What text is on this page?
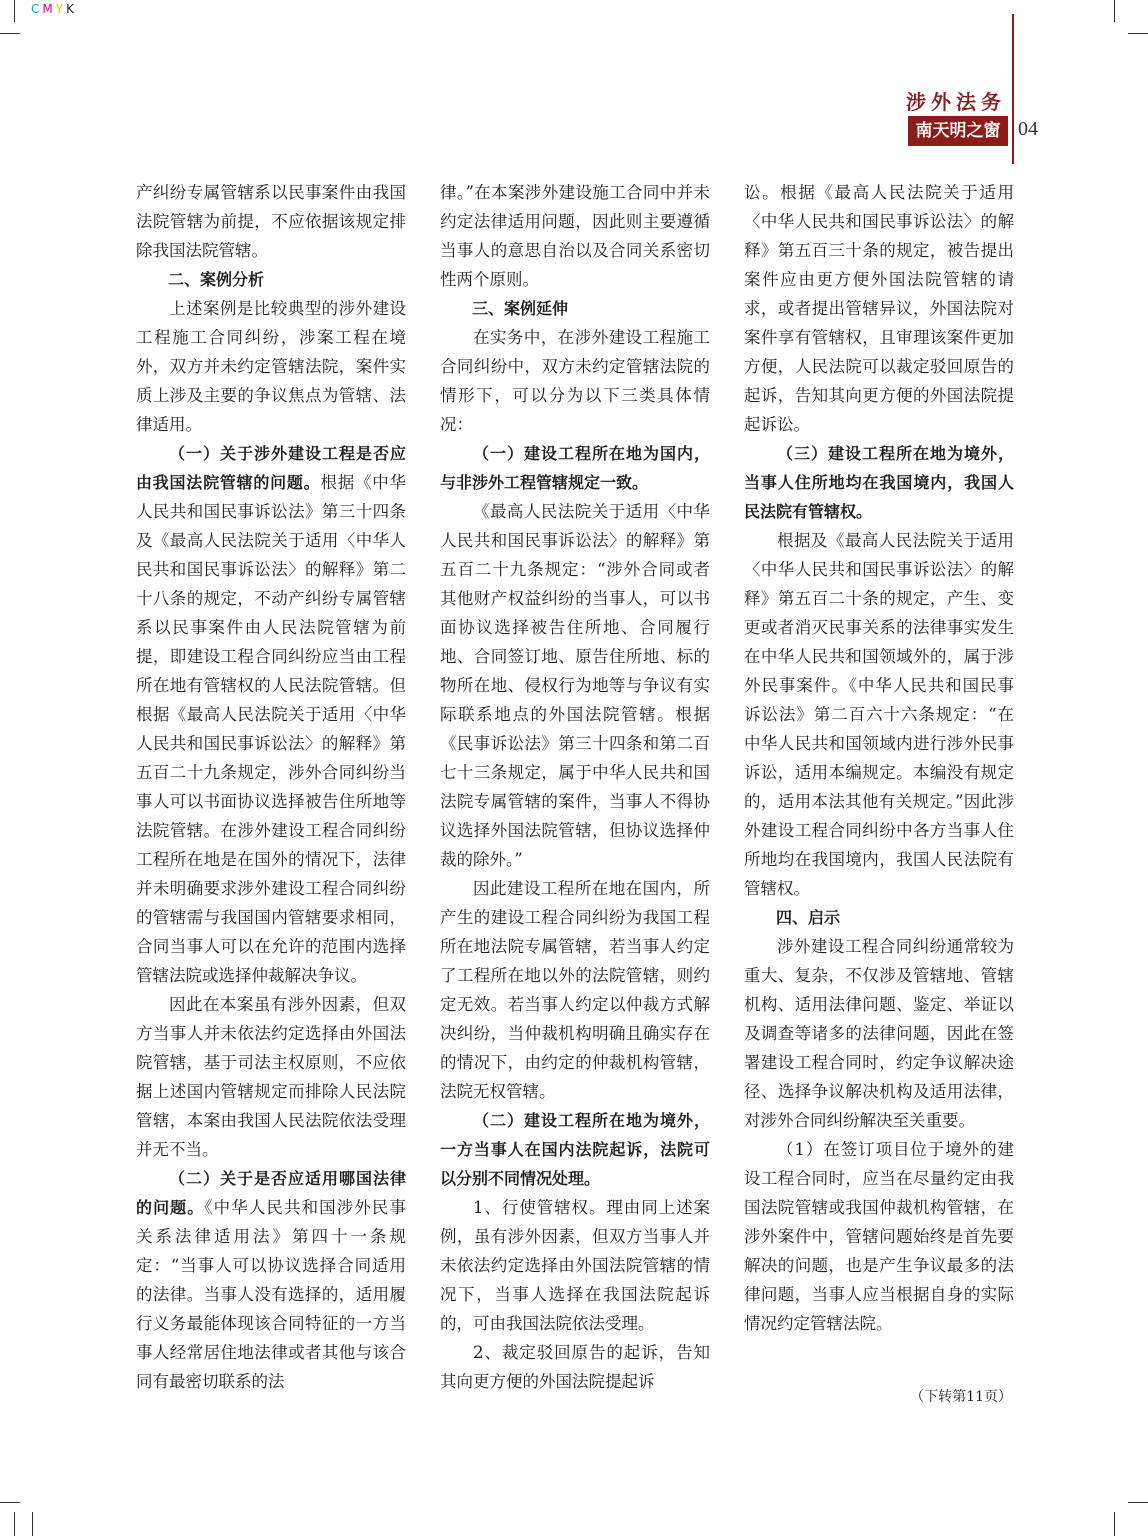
C M Y K
涉外法务
南天明之窗 04

产纠纷专属管辖系以民事案件由我国法院管辖为前提，不应依据该规定排除我国法院管辖。

二、案例分析

上述案例是比较典型的涉外建设工程施工合同纠纷，涉案工程在境外，双方并未约定管辖法院，案件实质上涉及主要的争议焦点为管辖、法律适用。

（一）关于涉外建设工程是否应由我国法院管辖的问题。根据《中华人民共和国民事诉讼法》第三十四条及《最高人民法院关于适用〈中华人民共和国民事诉讼法〉的解释》第二十八条的规定，不动产纠纷专属管辖系以民事案件由人民法院管辖为前提，即建设工程合同纠纷应当由工程所在地有管辖权的人民法院管辖。但根据《最高人民法院关于适用〈中华人民共和国民事诉讼法〉的解释》第五百二十九条规定，涉外合同纠纷当事人可以书面协议选择被告住所地等法院管辖。在涉外建设工程合同纠纷工程所在地是在国外的情况下，法律并未明确要求涉外建设工程合同纠纷的管辖需与我国国内管辖要求相同，合同当事人可以在允许的范围内选择管辖法院或选择仲裁解决争议。

因此在本案虽有涉外因素，但双方当事人并未依法约定选择由外国法院管辖，基于司法主权原则，不应依据上述国内管辖规定而排除人民法院管辖，本案由我国人民法院依法受理并无不当。

（二）关于是否应适用哪国法律的问题。《中华人民共和国涉外民事关系法律适用法》第四十一条规定：“当事人可以协议选择合同适用的法律。当事人没有选择的，适用履行义务最能体现该合同特征的一方当事人经常居住地法律或者其他与该合同有最密切联系的法

律。”在本案涉外建设施工合同中并未约定法律适用问题，因此则主要遵循当事人的意思自治以及合同关系密切性两个原则。

三、案例延伸

在实务中，在涉外建设工程施工合同纠纷中，双方未约定管辖法院的情形下，可以分为以下三类具体情况：

（一）建设工程所在地为国内，与非涉外工程管辖规定一致。

《最高人民法院关于适用〈中华人民共和国民事诉讼法〉的解释》第五百二十九条规定：“涉外合同或者其他财产权益纠纷的当事人，可以书面协议选择被告住所地、合同履行地、合同签订地、原告住所地、标的物所在地、侵权行为地等与争议有实际联系地点的外国法院管辖。根据《民事诉讼法》第三十四条和第二百七十三条规定，属于中华人民共和国法院专属管辖的案件，当事人不得协议选择外国法院管辖，但协议选择仲裁的除外。”

因此建设工程所在地在国内，所产生的建设工程合同纠纷为我国工程所在地法院专属管辖，若当事人约定了工程所在地以外的法院管辖，则约定无效。若当事人约定以仲裁方式解决纠纷，当仲裁机构明确且确实存在的情况下，由约定的仲裁机构管辖，法院无权管辖。

（二）建设工程所在地为境外，一方当事人在国内法院起诉，法院可以分别不同情况处理。

1、行使管辖权。理由同上述案例，虽有涉外因素，但双方当事人并未依法约定选择由外国法院管辖的情况下，当事人选择在我国法院起诉的，可由我国法院依法受理。

2、裁定驳回原告的起诉，告知其向更方便的外国法院提起诉

讼。根据《最高人民法院关于适用〈中华人民共和国民事诉讼法〉的解释》第五百三十条的规定，被告提出案件应由更方便外国法院管辖的请求，或者提出管辖异议，外国法院对案件享有管辖权，且审理该案件更加方便，人民法院可以裁定驳回原告的起诉，告知其向更方便的外国法院提起诉讼。

（三）建设工程所在地为境外，当事人住所地均在我国境内，我国人民法院有管辖权。

根据及《最高人民法院关于适用〈中华人民共和国民事诉讼法〉的解释》第五百二十条的规定，产生、变更或者消灭民事关系的法律事实发生在中华人民共和国领域外的，属于涉外民事案件。《中华人民共和国民事诉讼法》第二百六十六条规定：“在中华人民共和国领域内进行涉外民事诉讼，适用本编规定。本编没有规定的，适用本法其他有关规定。”因此涉外建设工程合同纠纷中各方当事人住所地均在我国境内，我国人民法院有管辖权。

四、启示

涉外建设工程合同纠纷通常较为重大、复杂，不仅涉及管辖地、管辖机构、适用法律问题、鉴定、举证以及调查等诸多的法律问题，因此在签署建设工程合同时，约定争议解决途径、选择争议解决机构及适用法律，对涉外合同纠纷解决至关重要。

（1）在签订项目位于境外的建设工程合同时，应当在尽量约定由我国法院管辖或我国仲裁机构管辖，在涉外案件中，管辖问题始终是首先要解决的问题，也是产生争议最多的法律问题，当事人应当根据自身的实际情况约定管辖法院。

（下转第11页）
